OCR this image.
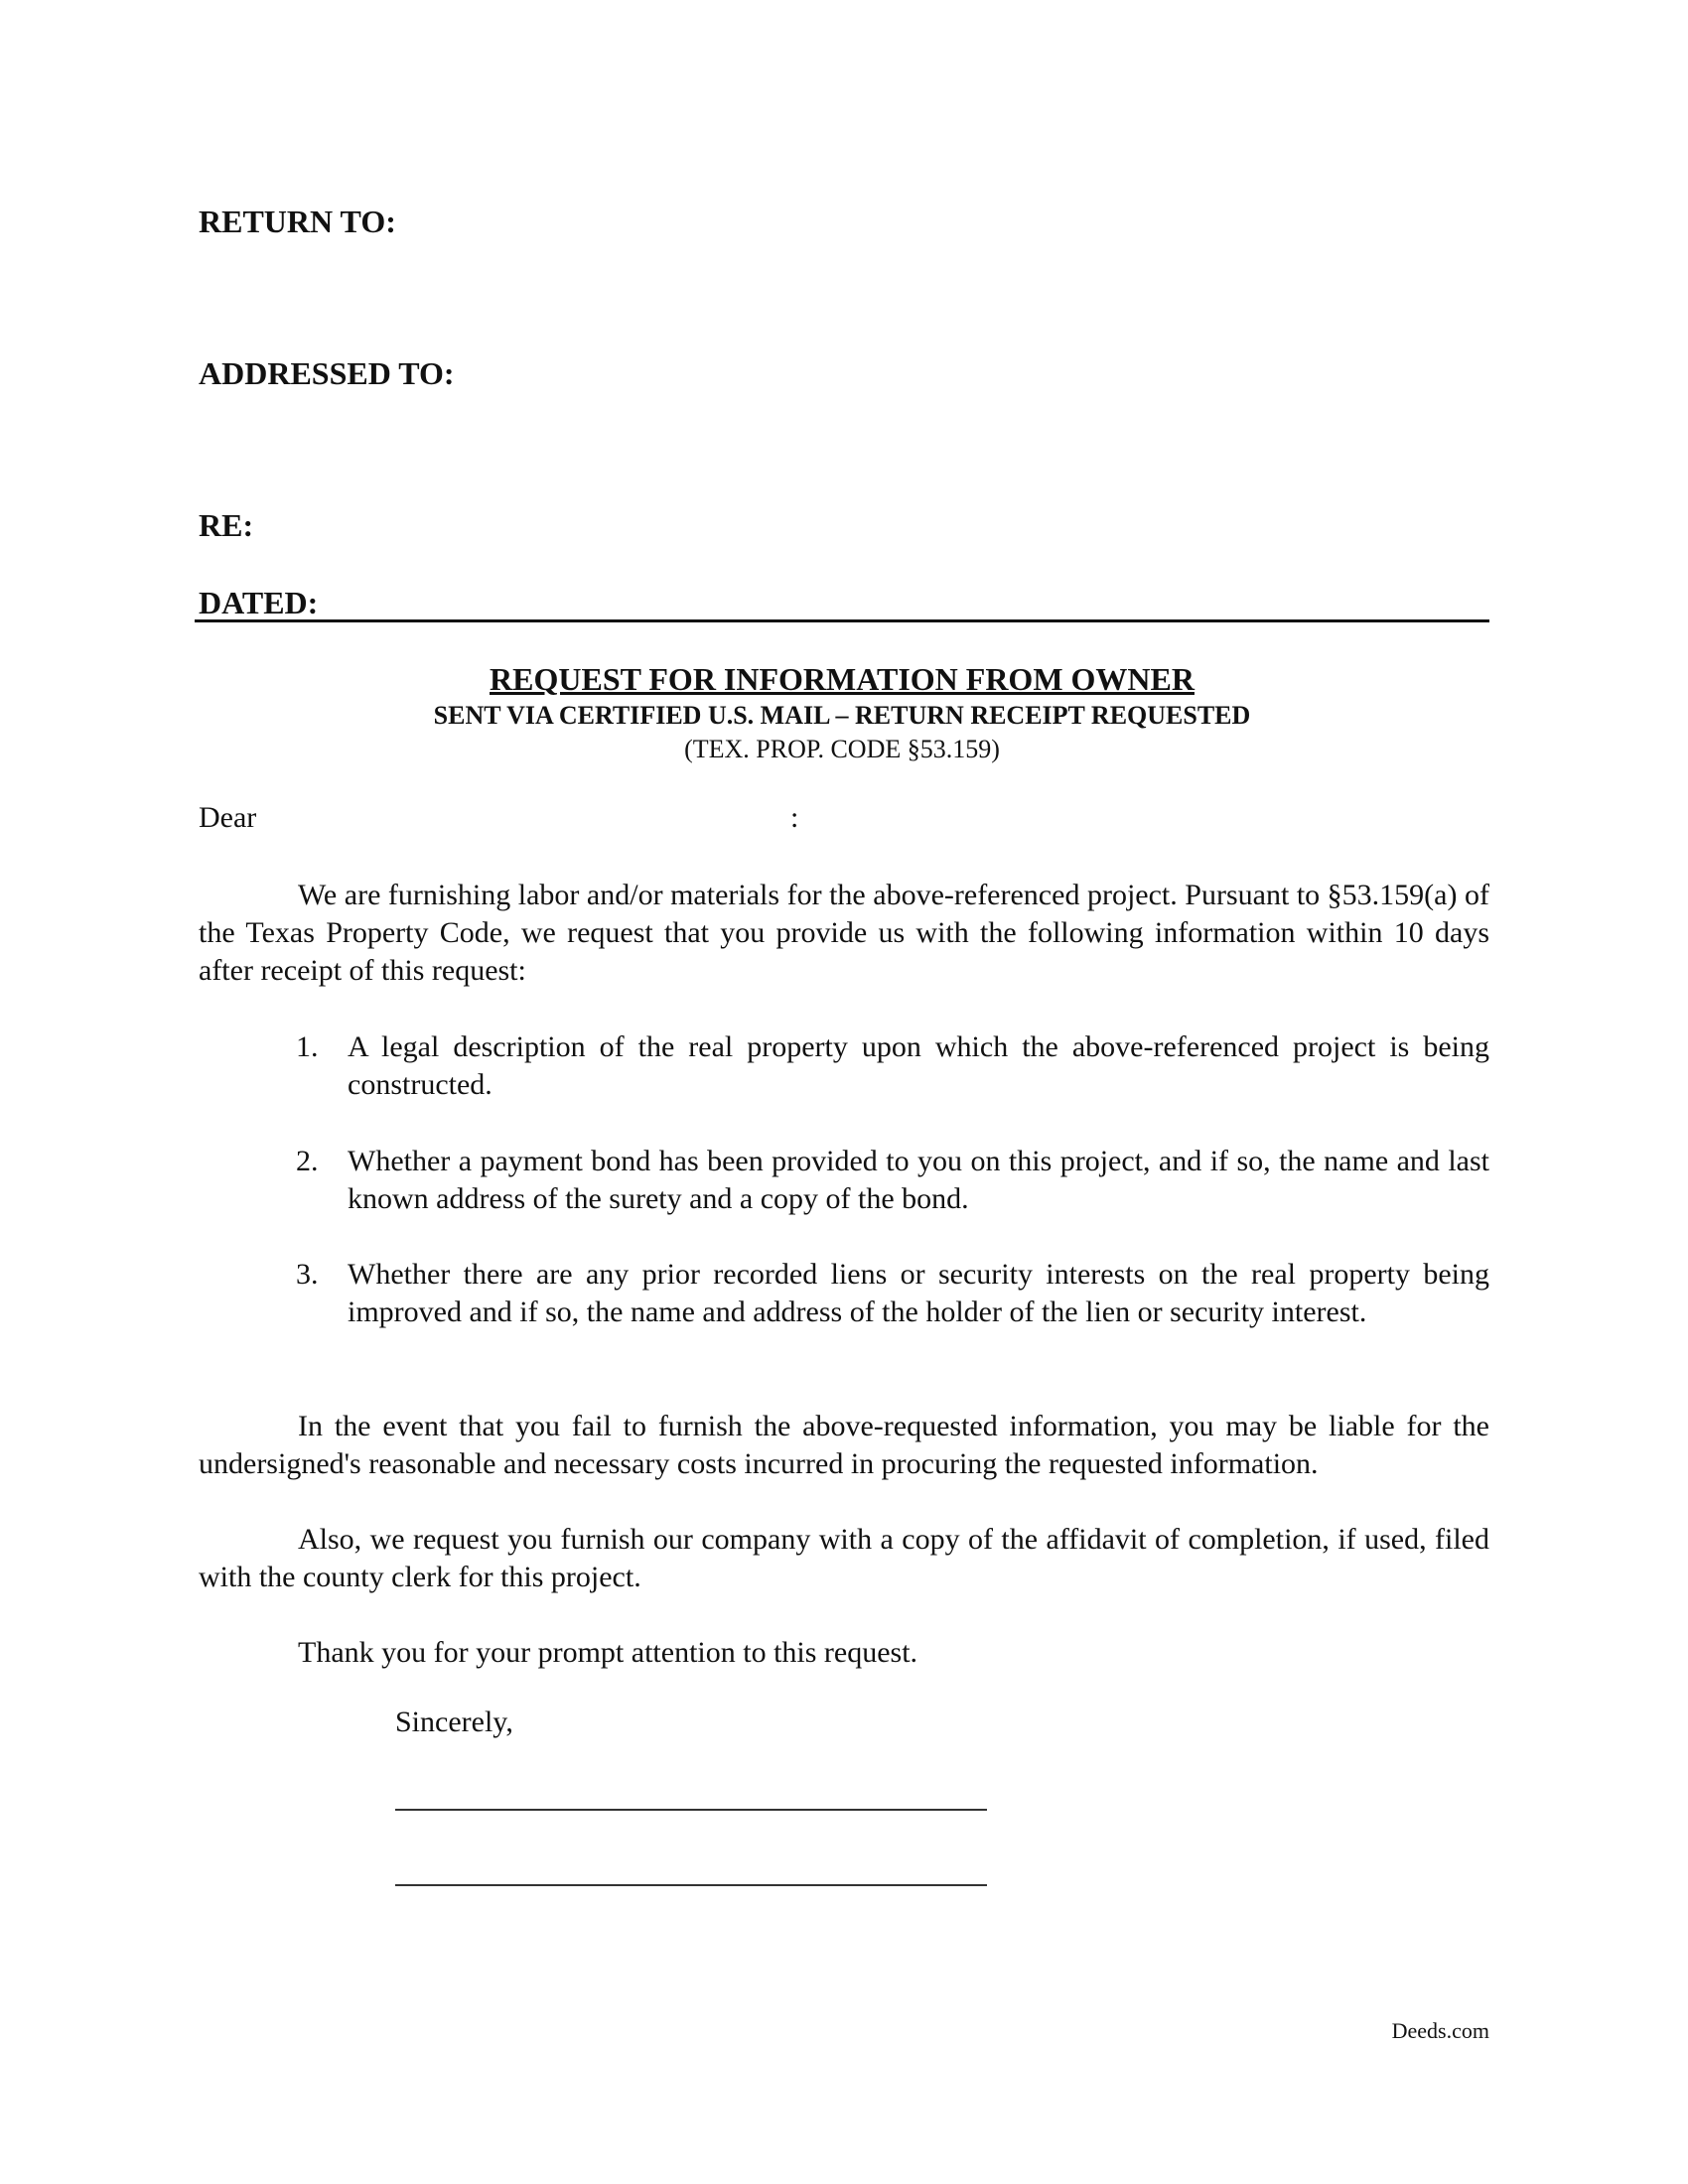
RETURN TO:

ADDRESSED TO:

RE:

DATED:

REQUEST FOR INFORMATION FROM OWNER

SENT VIA CERTIFIED U.S. MAIL – RETURN RECEIPT REQUESTED

(TEX. PROP. CODE §53.159)

Dear	:

We are furnishing labor and/or materials for the above-referenced project. Pursuant to §53.159(a) of the Texas Property Code, we request that you provide us with the following information within 10 days after receipt of this request:

1. A legal description of the real property upon which the above-referenced project is being constructed.
2. Whether a payment bond has been provided to you on this project, and if so, the name and last known address of the surety and a copy of the bond.
3. Whether there are any prior recorded liens or security interests on the real property being improved and if so, the name and address of the holder of the lien or security interest.

In the event that you fail to furnish the above-requested information, you may be liable for the undersigned's reasonable and necessary costs incurred in procuring the requested information.

Also, we request you furnish our company with a copy of the affidavit of completion, if used, filed with the county clerk for this project.

Thank you for your prompt attention to this request.

Sincerely,
Deeds.com
